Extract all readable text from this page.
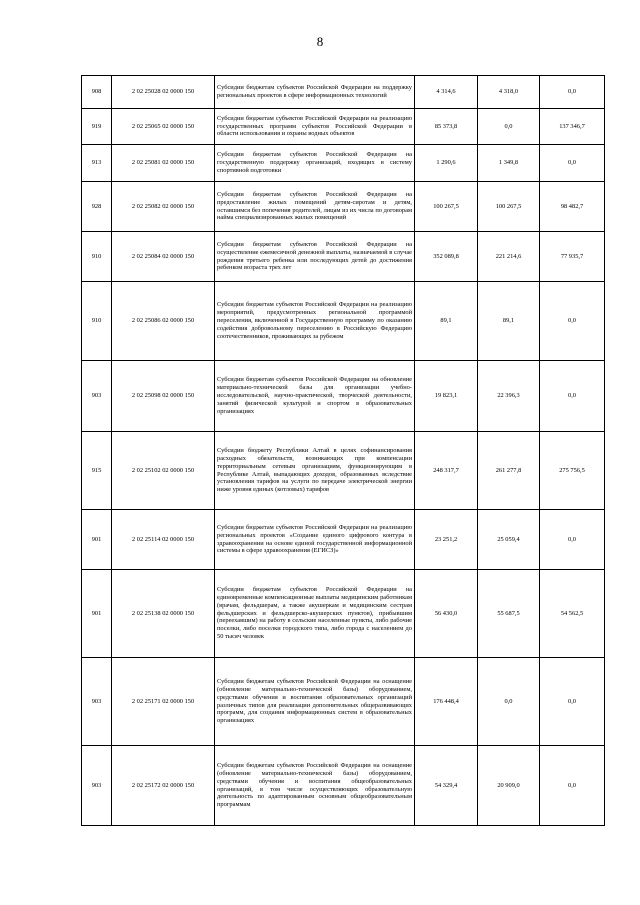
8
908	2 02 25028 02 0000 150	Субсидии бюджетам субъектов Российской Федерации на поддержку региональных проектов в сфере информационных технологий	4 314,6	4 318,0	0,0
919	2 02 25065 02 0000 150	Субсидии бюджетам субъектов Российской Федерации на реализацию государственных программ субъектов Российской Федерации в области использования и охраны водных объектов	85 373,8	0,0	137 346,7
913	2 02 25081 02 0000 150	Субсидии бюджетам субъектов Российской Федерации на государственную поддержку организаций, входящих в систему спортивной подготовки	1 290,6	1 349,8	0,0
928	2 02 25082 02 0000 150	Субсидии бюджетам субъектов Российской Федерации на предоставление жилых помещений детям-сиротам и детям, оставшимся без попечения родителей, лицам из их числа по договорам найма специализированных жилых помещений	100 267,5	100 267,5	98 482,7
910	2 02 25084 02 0000 150	Субсидии бюджетам субъектов Российской Федерации на осуществление ежемесячной денежной выплаты, назначаемой в случае рождения третьего ребенка или последующих детей до достижения ребенком возраста трех лет	352 089,8	221 214,6	77 935,7
910	2 02 25086 02 0000 150	Субсидии бюджетам субъектов Российской Федерации на реализацию мероприятий, предусмотренных региональной программой переселения, включенной в Государственную программу по оказанию содействия добровольному переселению в Российскую Федерацию соотечественников, проживающих за рубежом	89,1	89,1	0,0
903	2 02 25098 02 0000 150	Субсидии бюджетам субъектов Российской Федерации на обновление материально-технической базы для организации учебно-исследовательской, научно-практической, творческой деятельности, занятий физической культурой и спортом в образовательных организациях	19 823,1	22 396,3	0,0
915	2 02 25102 02 0000 150	Субсидии бюджету Республики Алтай в целях софинансирования расходных обязательств, возникающих при компенсации территориальным сетевым организациям, функционирующим в Республике Алтай, выпадающих доходов, образованных вследствие установления тарифов на услуги по передаче электрической энергии ниже уровня единых (котловых) тарифов	248 317,7	261 277,8	275 756,5
901	2 02 25114 02 0000 150	Субсидии бюджетам субъектов Российской Федерации на реализацию региональных проектов «Создание единого цифрового контура в здравоохранении на основе единой государственной информационной системы в сфере здравоохранения (ЕГИСЗ)»	23 251,2	25 059,4	0,0
901	2 02 25138 02 0000 150	Субсидии бюджетам субъектов Российской Федерации на единовременные компенсационные выплаты медицинским работникам (врачам, фельдшерам, а также акушеркам и медицинским сестрам фельдшерских и фельдшерско-акушерских пунктов), прибывшим (переехавшим) на работу в сельские населенные пункты, либо рабочие поселки, либо поселки городского типа, либо города с населением до 50 тысяч человек	56 430,0	55 687,5	54 562,5
903	2 02 25171 02 0000 150	Субсидии бюджетам субъектов Российской Федерации на оснащение (обновление материально-технической базы) оборудованием, средствами обучения и воспитания образовательных организаций различных типов для реализации дополнительных общеразвивающих программ, для создания информационных систем в образовательных организациях	176 448,4	0,0	0,0
903	2 02 25172 02 0000 150	Субсидии бюджетам субъектов Российской Федерации на оснащение (обновление материально-технической базы) оборудованием, средствами обучения и воспитания общеобразовательных организаций, в том числе осуществляющих образовательную деятельность по адаптированным основным общеобразовательным программам	54 329,4	20 909,0	0,0
